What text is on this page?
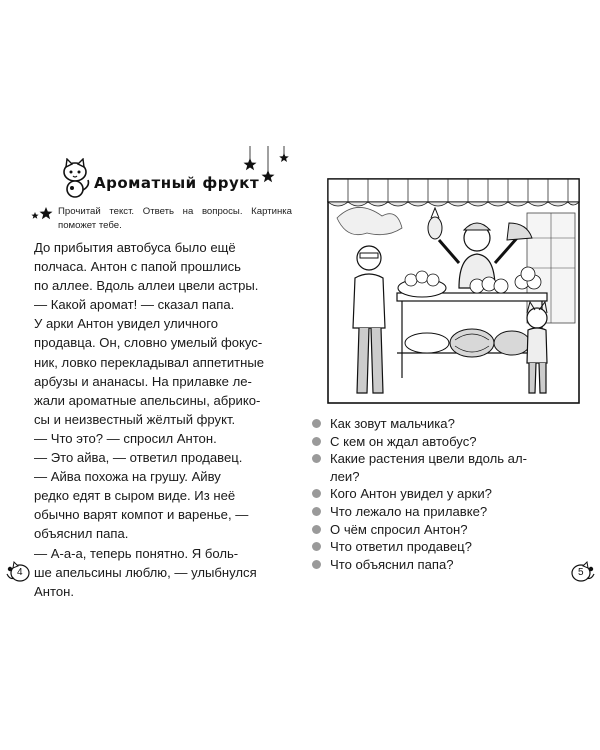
Ароматный фрукт
Прочитай текст. Ответь на вопросы. Картинка поможет тебе.

До прибытия автобуса было ещё

полчаса. Антон с папой прошлись

по аллее. Вдоль аллеи цвели астры.

— Какой аромат! — сказал папа.

У арки Антон увидел уличного

продавца. Он, словно умелый фокус-

ник, ловко перекладывал аппетитные

арбузы и ананасы. На прилавке ле-

жали ароматные апельсины, абрико-

сы и неизвестный жёлтый фрукт.

— Что это? — спросил Антон.

— Это айва, — ответил продавец.

— Айва похожа на грушу. Айву

редко едят в сыром виде. Из неё

обычно варят компот и варенье, —

объяснил папа.

— А-а-а, теперь понятно. Я боль-

ше апельсины люблю, — улыбнулся

Антон.

4
Как зовут мальчика?
С кем он ждал автобус?
Какие растения цвели вдоль ал-
леи?
Кого Антон увидел у арки?
Что лежало на прилавке?
О чём спросил Антон?
Что ответил продавец?
Что объяснил папа?
5
